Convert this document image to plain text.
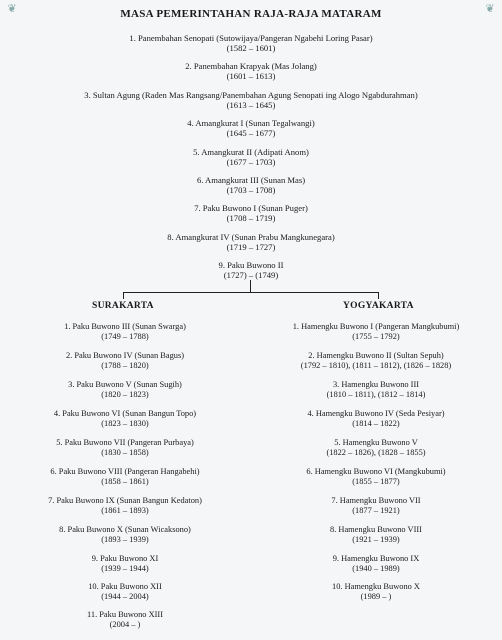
❦	❦
MASA PEMERINTAHAN RAJA-RAJA MATARAM
1. Panembahan Senopati (Sutowijaya/Pangeran Ngabehi Loring Pasar)
(1582 – 1601)
2. Panembahan Krapyak (Mas Jolang)
(1601 – 1613)
3. Sultan Agung (Raden Mas Rangsang/Panembahan Agung Senopati ing Alogo Ngabdurahman)
(1613 – 1645)
4. Amangkurat I (Sunan Tegalwangi)
(1645 – 1677)
5. Amangkurat II (Adipati Anom)
(1677 – 1703)
6. Amangkurat III (Sunan Mas)
(1703 – 1708)
7. Paku Buwono I (Sunan Puger)
(1708 – 1719)
8. Amangkurat IV (Sunan Prabu Mangkunegara)
(1719 – 1727)
9. Paku Buwono II
(1727) – (1749)
SURAKARTA	YOGYAKARTA
1. Paku Buwono III (Sunan Swarga)
(1749 – 1788)
2. Paku Buwono IV (Sunan Bagus)
(1788 – 1820)
3. Paku Buwono V (Sunan Sugih)
(1820 – 1823)
4. Paku Buwono VI (Sunan Bangun Topo)
(1823 – 1830)
5. Paku Buwono VII (Pangeran Purbaya)
(1830 – 1858)
6. Paku Buwono VIII (Pangeran Hangabehi)
(1858 – 1861)
7. Paku Buwono IX (Sunan Bangun Kedaton)
(1861 – 1893)
8. Paku Buwono X (Sunan Wicaksono)
(1893 – 1939)
9. Paku Buwono XI
(1939 – 1944)
10. Paku Buwono XII
(1944 – 2004)
11. Paku Buwono XIII
(2004 – )
1. Hamengku Buwono I (Pangeran Mangkubumi)
(1755 – 1792)
2. Hamengku Buwono II (Sultan Sepuh)
(1792 – 1810), (1811 – 1812), (1826 – 1828)
3. Hamengku Buwono III
(1810 – 1811), (1812 – 1814)
4. Hamengku Buwono IV (Seda Pesiyar)
(1814 – 1822)
5. Hamengku Buwono V
(1822 – 1826), (1828 – 1855)
6. Hamengku Buwono VI (Mangkubumi)
(1855 – 1877)
7. Hamengku Buwono VII
(1877 – 1921)
8. Hamengku Buwono VIII
(1921 – 1939)
9. Hamengku Buwono IX
(1940 – 1989)
10. Hamengku Buwono X
(1989 – )
